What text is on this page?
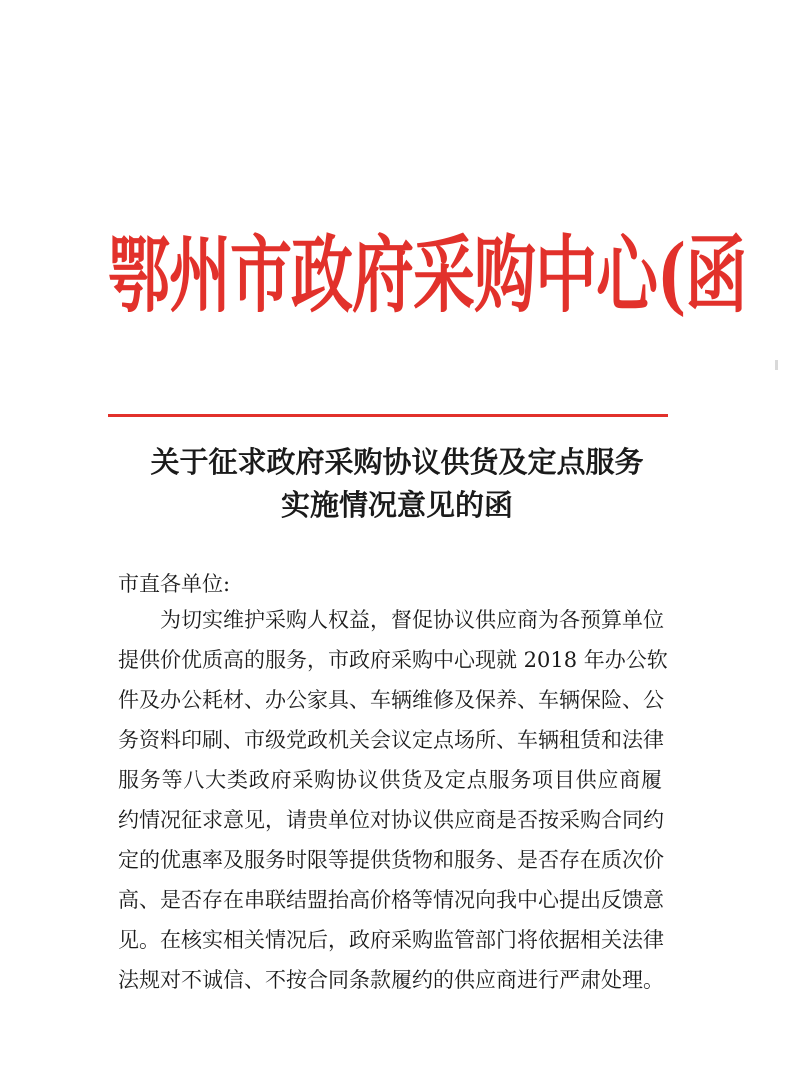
鄂州市政府采购中心(函
关于征求政府采购协议供货及定点服务
实施情况意见的函
市直各单位:
为切实维护采购人权益，督促协议供应商为各预算单位
提供价优质高的服务，市政府采购中心现就 2018 年办公软
件及办公耗材、办公家具、车辆维修及保养、车辆保险、公
务资料印刷、市级党政机关会议定点场所、车辆租赁和法律
服务等八大类政府采购协议供货及定点服务项目供应商履
约情况征求意见，请贵单位对协议供应商是否按采购合同约
定的优惠率及服务时限等提供货物和服务、是否存在质次价
高、是否存在串联结盟抬高价格等情况向我中心提出反馈意
见。在核实相关情况后，政府采购监管部门将依据相关法律
法规对不诚信、不按合同条款履约的供应商进行严肃处理。
